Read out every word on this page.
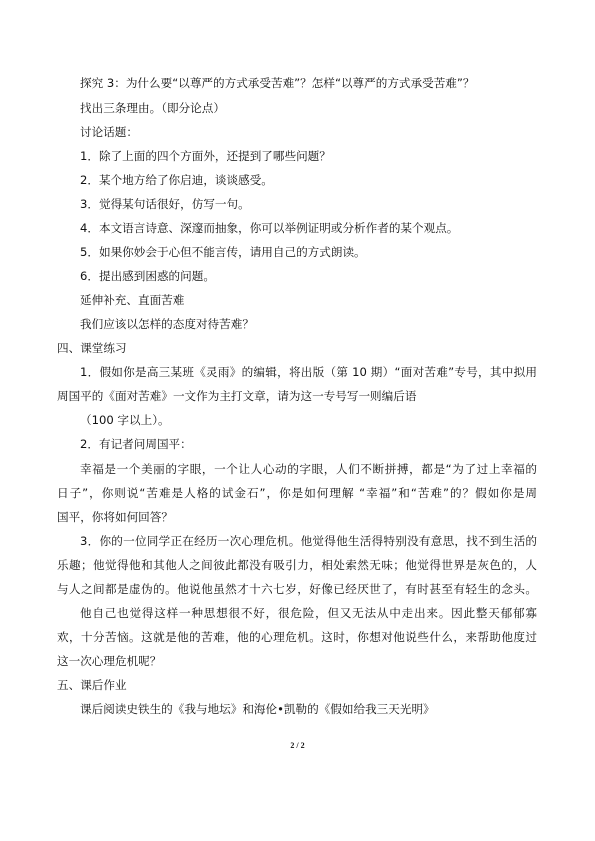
探究 3：为什么要“以尊严的方式承受苦难”？怎样“以尊严的方式承受苦难”？

找出三条理由。（即分论点）

讨论话题：

1．除了上面的四个方面外，还提到了哪些问题？

2．某个地方给了你启迪，谈谈感受。

3．觉得某句话很好，仿写一句。

4．本文语言诗意、深邃而抽象，你可以举例证明或分析作者的某个观点。

5．如果你妙会于心但不能言传，请用自己的方式朗读。

6．提出感到困惑的问题。

延伸补充、直面苦难

我们应该以怎样的态度对待苦难？

四、课堂练习

1．假如你是高三某班《灵雨》的编辑，将出版（第 10 期）“面对苦难”专号，其中拟用

周国平的《面对苦难》一文作为主打文章，请为这一专号写一则编后语

（100 字以上）。

2．有记者问周国平：

幸福是一个美丽的字眼，一个让人心动的字眼，人们不断拼搏，都是“为了过上幸福的

日子”，你则说“苦难是人格的试金石”，你是如何理解 “幸福”和“苦难”的？假如你是周

国平，你将如何回答？

3．你的一位同学正在经历一次心理危机。他觉得他生活得特别没有意思，找不到生活的

乐趣；他觉得他和其他人之间彼此都没有吸引力，相处索然无味；他觉得世界是灰色的，人

与人之间都是虚伪的。他说他虽然才十六七岁，好像已经厌世了，有时甚至有轻生的念头。

他自己也觉得这样一种思想很不好，很危险，但又无法从中走出来。因此整天郁郁寡

欢，十分苦恼。这就是他的苦难，他的心理危机。这时，你想对他说些什么，来帮助他度过

这一次心理危机呢？

五、课后作业

课后阅读史铁生的《我与地坛》和海伦•凯勒的《假如给我三天光明》

2 / 2
